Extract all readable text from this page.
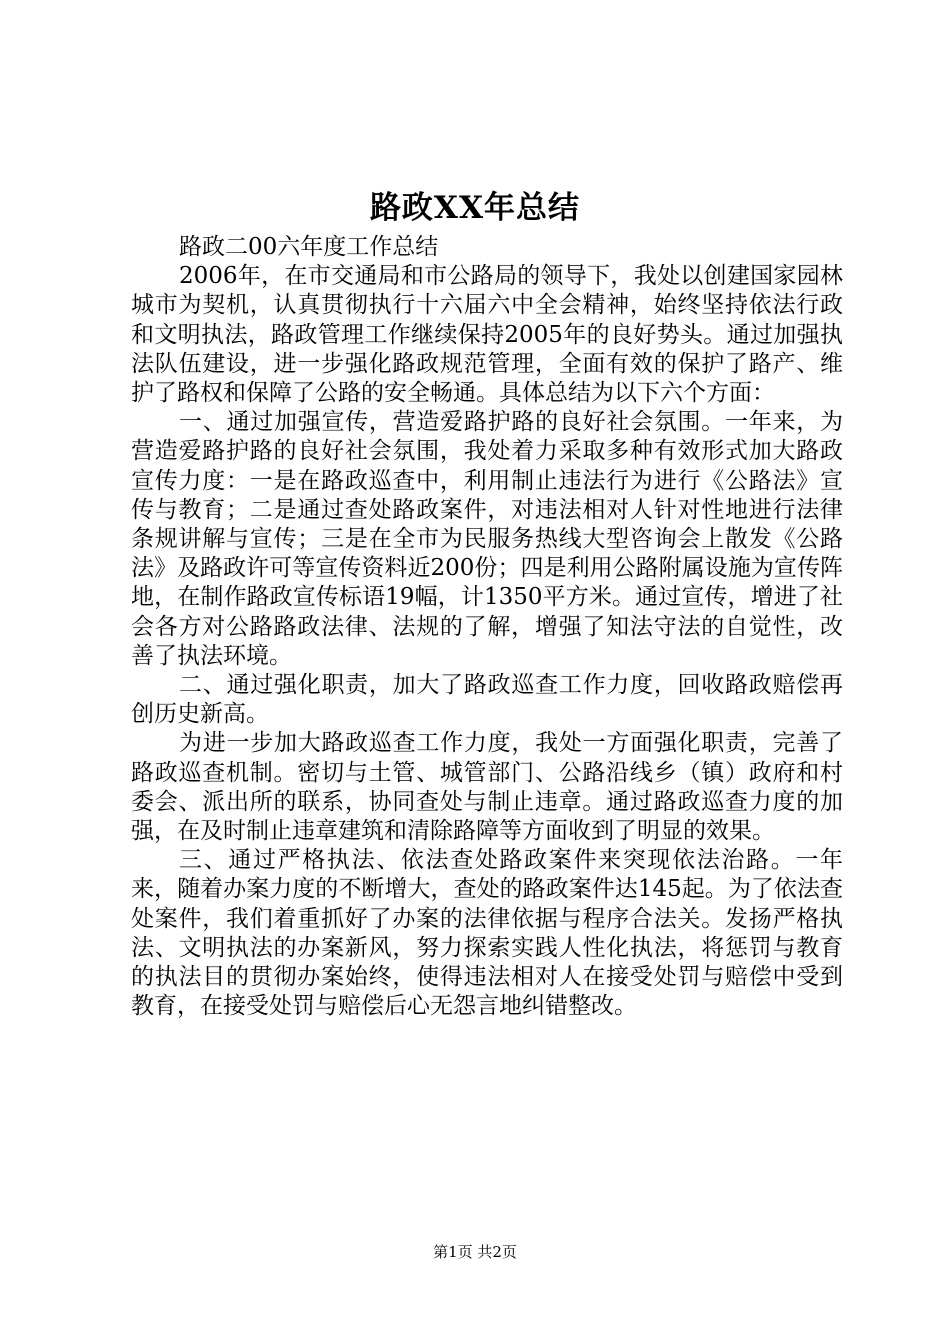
路政XX年总结

路政二00六年度工作总结

2006年，在市交通局和市公路局的领导下，我处以创建国家园林城市为契机，认真贯彻执行十六届六中全会精神，始终坚持依法行政和文明执法，路政管理工作继续保持2005年的良好势头。通过加强执法队伍建设，进一步强化路政规范管理，全面有效的保护了路产、维护了路权和保障了公路的安全畅通。具体总结为以下六个方面：

一、通过加强宣传，营造爱路护路的良好社会氛围。一年来，为营造爱路护路的良好社会氛围，我处着力采取多种有效形式加大路政宣传力度：一是在路政巡查中，利用制止违法行为进行《公路法》宣传与教育；二是通过查处路政案件，对违法相对人针对性地进行法律条规讲解与宣传；三是在全市为民服务热线大型咨询会上散发《公路法》及路政许可等宣传资料近200份；四是利用公路附属设施为宣传阵地，在制作路政宣传标语19幅，计1350平方米。通过宣传，增进了社会各方对公路路政法律、法规的了解，增强了知法守法的自觉性，改善了执法环境。

二、通过强化职责，加大了路政巡查工作力度，回收路政赔偿再创历史新高。

为进一步加大路政巡查工作力度，我处一方面强化职责，完善了路政巡查机制。密切与土管、城管部门、公路沿线乡（镇）政府和村委会、派出所的联系，协同查处与制止违章。通过路政巡查力度的加强，在及时制止违章建筑和清除路障等方面收到了明显的效果。

三、通过严格执法、依法查处路政案件来突现依法治路。一年来，随着办案力度的不断增大，查处的路政案件达145起。为了依法查处案件，我们着重抓好了办案的法律依据与程序合法关。发扬严格执法、文明执法的办案新风，努力探索实践人性化执法，将惩罚与教育的执法目的贯彻办案始终，使得违法相对人在接受处罚与赔偿中受到教育，在接受处罚与赔偿后心无怨言地纠错整改。

第1页 共2页
